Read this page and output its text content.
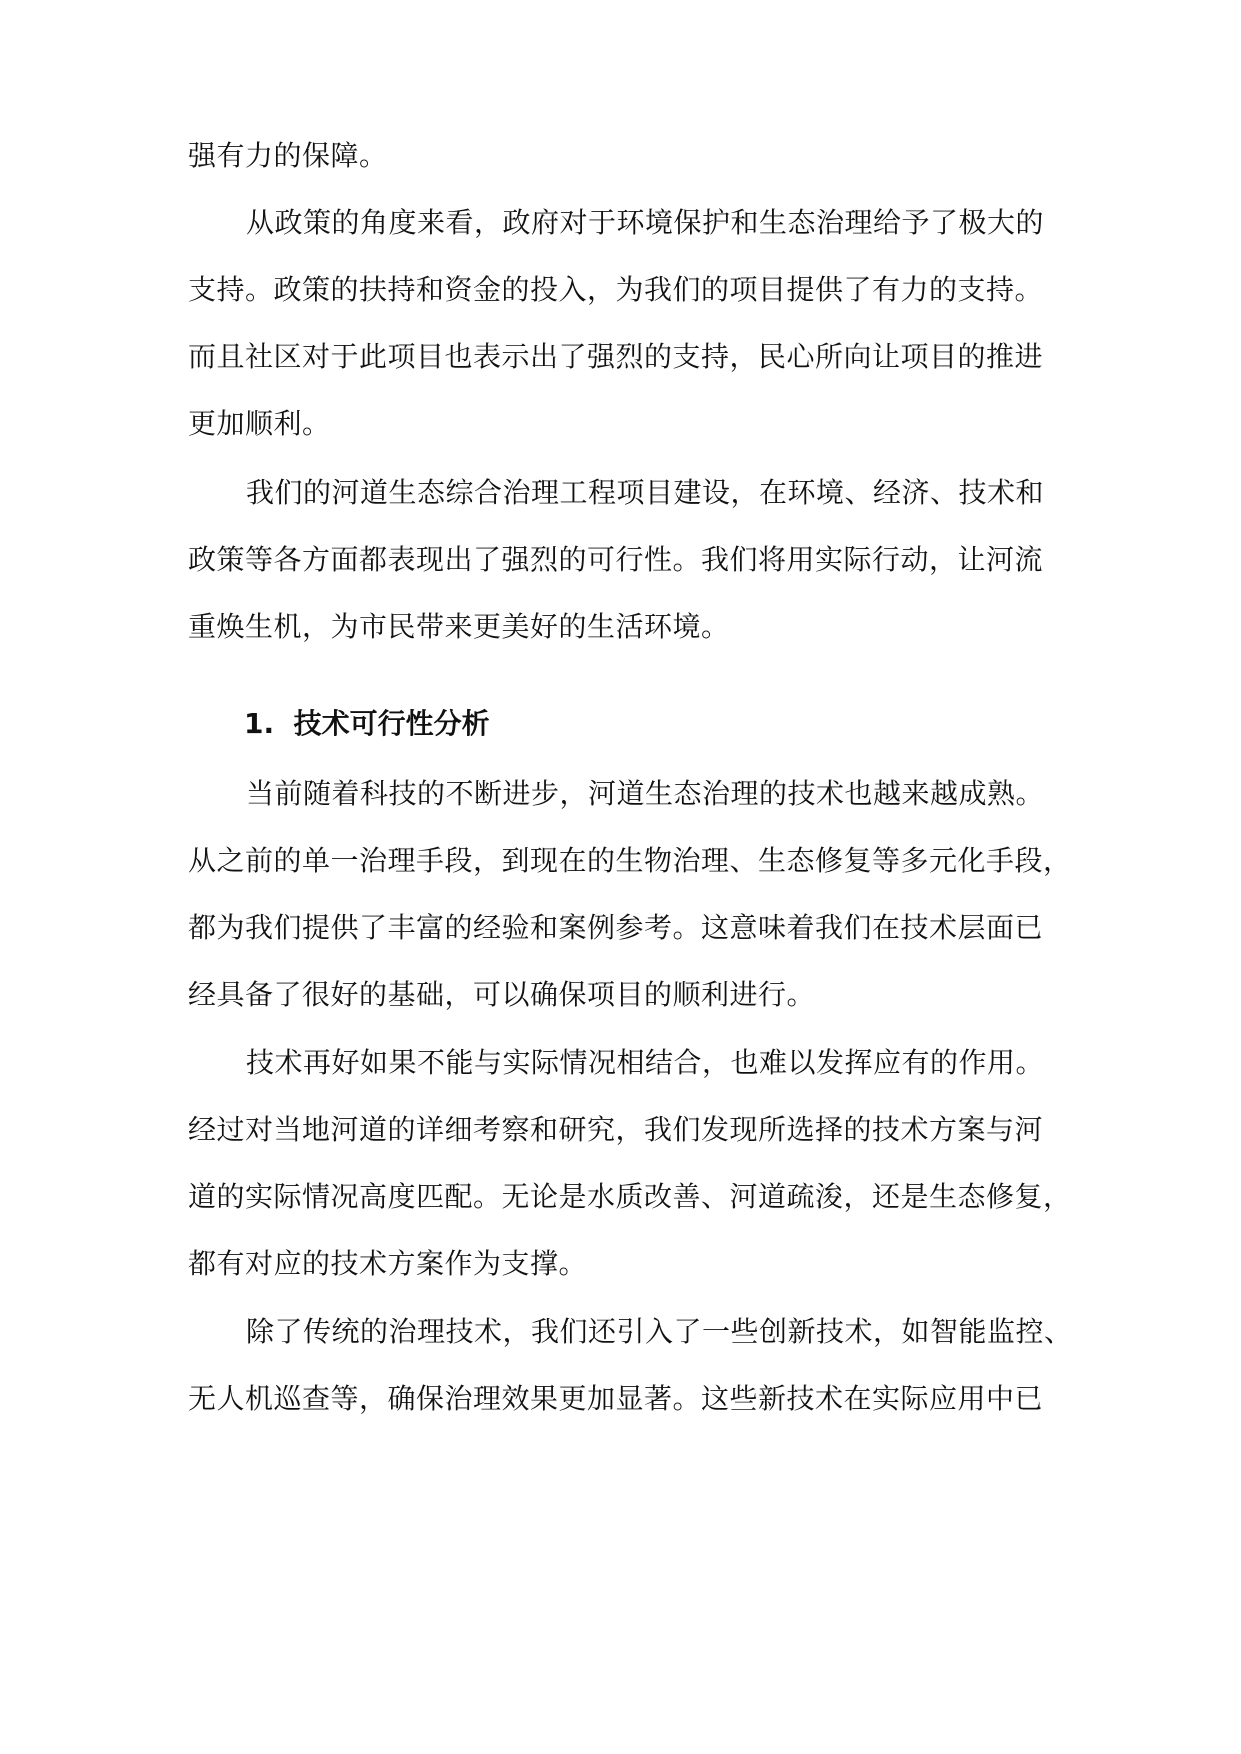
强有力的保障。
从政策的角度来看，政府对于环境保护和生态治理给予了极大的
支持。政策的扶持和资金的投入，为我们的项目提供了有力的支持。
而且社区对于此项目也表示出了强烈的支持，民心所向让项目的推进
更加顺利。
我们的河道生态综合治理工程项目建设，在环境、经济、技术和
政策等各方面都表现出了强烈的可行性。我们将用实际行动，让河流
重焕生机，为市民带来更美好的生活环境。
1. 技术可行性分析
当前随着科技的不断进步，河道生态治理的技术也越来越成熟。
从之前的单一治理手段，到现在的生物治理、生态修复等多元化手段，
都为我们提供了丰富的经验和案例参考。这意味着我们在技术层面已
经具备了很好的基础，可以确保项目的顺利进行。
技术再好如果不能与实际情况相结合，也难以发挥应有的作用。
经过对当地河道的详细考察和研究，我们发现所选择的技术方案与河
道的实际情况高度匹配。无论是水质改善、河道疏浚，还是生态修复，
都有对应的技术方案作为支撑。
除了传统的治理技术，我们还引入了一些创新技术，如智能监控、
无人机巡查等，确保治理效果更加显著。这些新技术在实际应用中已
